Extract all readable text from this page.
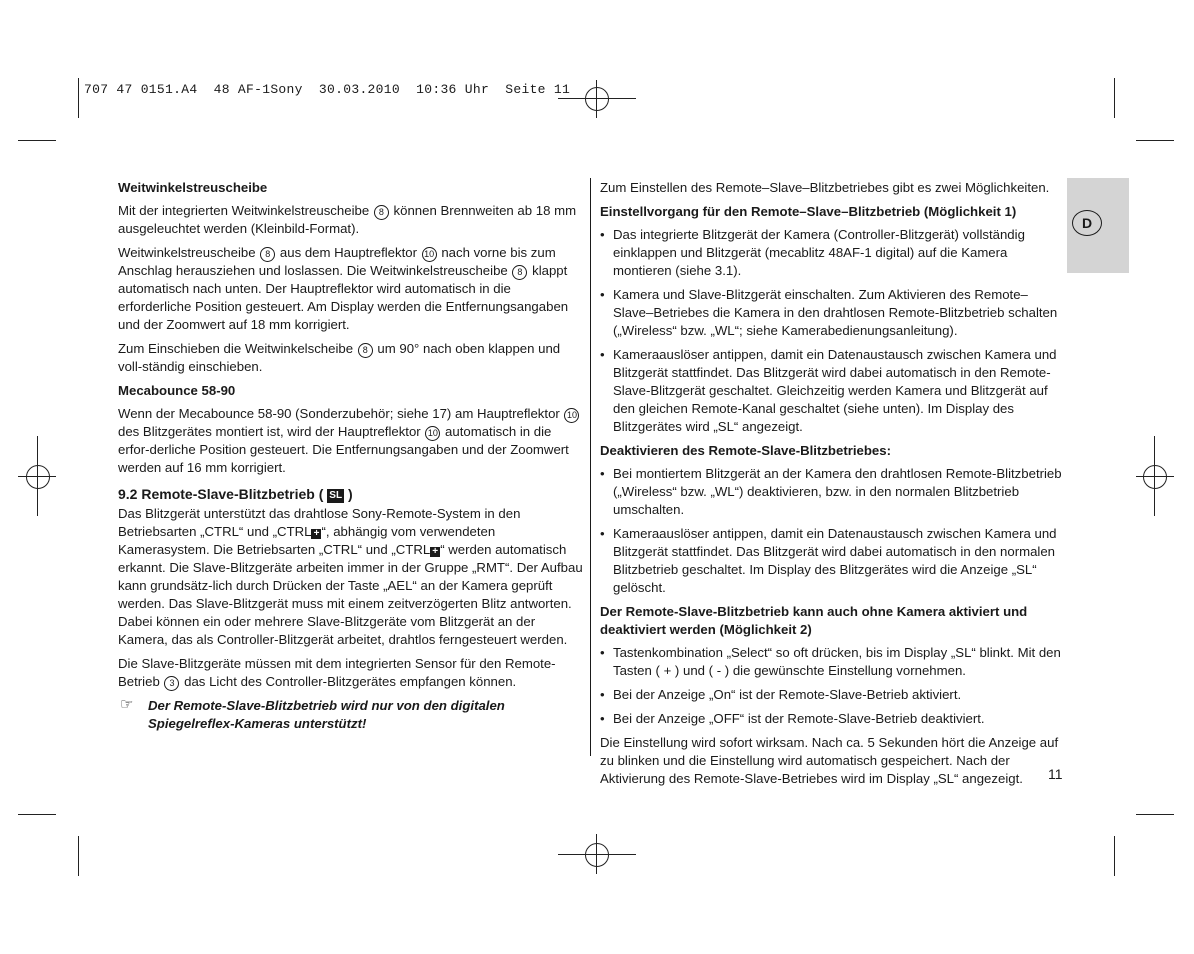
707 47 0151.A4  48 AF-1Sony  30.03.2010  10:36 Uhr  Seite 11
D

Weitwinkelstreuscheibe

Mit der integrierten Weitwinkelstreuscheibe 8 können Brennweiten ab 18 mm ausgeleuchtet werden (Kleinbild-Format).

Weitwinkelstreuscheibe 8 aus dem Hauptreflektor 10 nach vorne bis zum Anschlag herausziehen und loslassen. Die Weitwinkelstreuscheibe 8 klappt automatisch nach unten. Der Hauptreflektor wird automatisch in die erforderliche Position gesteuert. Am Display werden die Entfernungsangaben und der Zoomwert auf 18 mm korrigiert.

Zum Einschieben die Weitwinkelscheibe 8 um 90° nach oben klappen und voll-ständig einschieben.

Mecabounce 58-90

Wenn der Mecabounce 58-90 (Sonderzubehör; siehe 17) am Hauptreflektor 10 des Blitzgerätes montiert ist, wird der Hauptreflektor 10 automatisch in die erfor-derliche Position gesteuert. Die Entfernungsangaben und der Zoomwert werden auf 16 mm korrigiert.

9.2 Remote-Slave-Blitzbetrieb ( SL )

Das Blitzgerät unterstützt das drahtlose Sony-Remote-System in den Betriebsarten „CTRL“ und „CTRL + “, abhängig vom verwendeten Kamerasystem. Die Betriebsarten „CTRL“ und „CTRL + “ werden automatisch erkannt. Die Slave-Blitzgeräte arbeiten immer in der Gruppe „RMT“. Der Aufbau kann grundsätz-lich durch Drücken der Taste „AEL“ an der Kamera geprüft werden. Das Slave-Blitzgerät muss mit einem zeitverzögerten Blitz antworten. Dabei können ein oder mehrere Slave-Blitzgeräte vom Blitzgerät an der Kamera, das als Controller-Blitzgerät arbeitet, drahtlos ferngesteuert werden.

Die Slave-Blitzgeräte müssen mit dem integrierten Sensor für den Remote-Betrieb 3 das Licht des Controller-Blitzgerätes empfangen können.

☞ Der Remote-Slave-Blitzbetrieb wird nur von den digitalen Spiegelreflex-Kameras unterstützt!

Zum Einstellen des Remote–Slave–Blitzbetriebes gibt es zwei Möglichkeiten.

Einstellvorgang für den Remote–Slave–Blitzbetrieb (Möglichkeit 1)

• Das integrierte Blitzgerät der Kamera (Controller-Blitzgerät) vollständig einklappen und Blitzgerät (mecablitz 48AF-1 digital) auf die Kamera montieren (siehe 3.1).

• Kamera und Slave-Blitzgerät einschalten. Zum Aktivieren des Remote–Slave–Betriebes die Kamera in den drahtlosen Remote-Blitzbetrieb schalten („Wireless“ bzw. „WL“; siehe Kamerabedienungsanleitung).

• Kameraauslöser antippen, damit ein Datenaustausch zwischen Kamera und Blitzgerät stattfindet. Das Blitzgerät wird dabei automatisch in den Remote-Slave-Blitzgerät geschaltet. Gleichzeitig werden Kamera und Blitzgerät auf den gleichen Remote-Kanal geschaltet (siehe unten). Im Display des Blitzgerätes wird „SL“ angezeigt.

Deaktivieren des Remote-Slave-Blitzbetriebes:

• Bei montiertem Blitzgerät an der Kamera den drahtlosen Remote-Blitzbetrieb („Wireless“ bzw. „WL“) deaktivieren, bzw. in den normalen Blitzbetrieb umschalten.

• Kameraauslöser antippen, damit ein Datenaustausch zwischen Kamera und Blitzgerät stattfindet. Das Blitzgerät wird dabei automatisch in den normalen Blitzbetrieb geschaltet. Im Display des Blitzgerätes wird die Anzeige „SL“ gelöscht.

Der Remote-Slave-Blitzbetrieb kann auch ohne Kamera aktiviert und deaktiviert werden (Möglichkeit 2)

• Tastenkombination „Select“ so oft drücken, bis im Display „SL“ blinkt. Mit den Tasten ( + ) und ( - ) die gewünschte Einstellung vornehmen.

• Bei der Anzeige „On“ ist der Remote-Slave-Betrieb aktiviert.

• Bei der Anzeige „OFF“ ist der Remote-Slave-Betrieb deaktiviert.

Die Einstellung wird sofort wirksam. Nach ca. 5 Sekunden hört die Anzeige auf zu blinken und die Einstellung wird automatisch gespeichert. Nach der Aktivierung des Remote-Slave-Betriebes wird im Display „SL“ angezeigt.	11
